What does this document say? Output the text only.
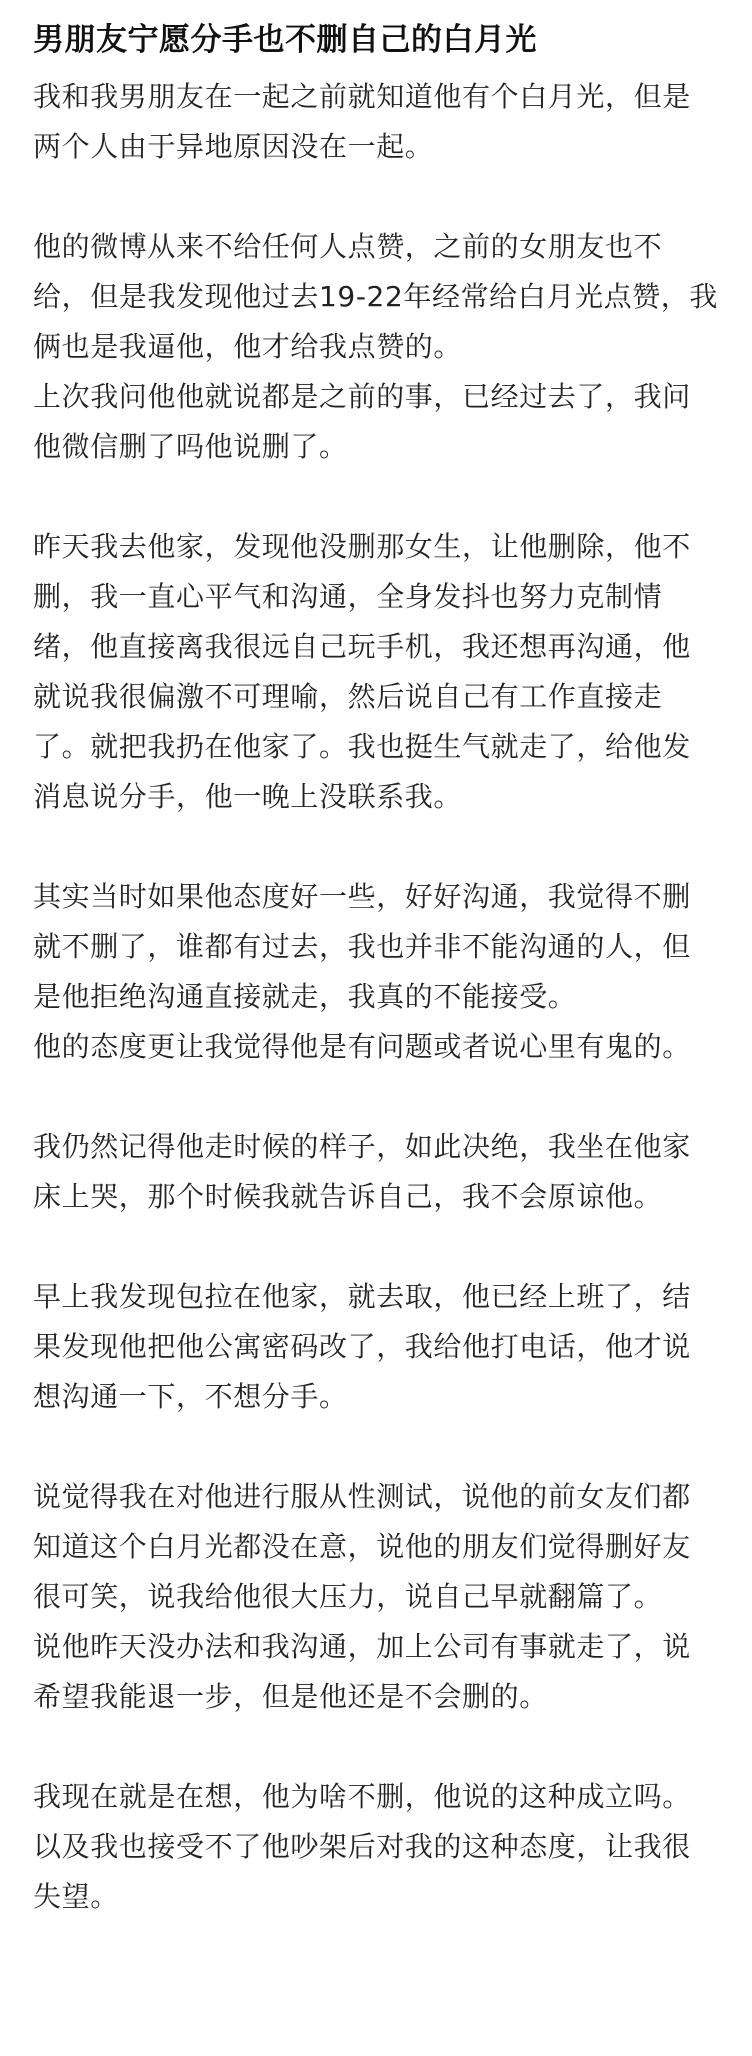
男朋友宁愿分手也不删自己的白月光

我和我男朋友在一起之前就知道他有个白月光，但是两个人由于异地原因没在一起。

他的微博从来不给任何人点赞，之前的女朋友也不给，但是我发现他过去19-22年经常给白月光点赞，我俩也是我逼他，他才给我点赞的。

上次我问他他就说都是之前的事，已经过去了，我问他微信删了吗他说删了。

昨天我去他家，发现他没删那女生，让他删除，他不删，我一直心平气和沟通，全身发抖也努力克制情绪，他直接离我很远自己玩手机，我还想再沟通，他就说我很偏激不可理喻，然后说自己有工作直接走了。就把我扔在他家了。我也挺生气就走了，给他发消息说分手，他一晚上没联系我。

其实当时如果他态度好一些，好好沟通，我觉得不删就不删了，谁都有过去，我也并非不能沟通的人，但是他拒绝沟通直接就走，我真的不能接受。

他的态度更让我觉得他是有问题或者说心里有鬼的。

我仍然记得他走时候的样子，如此决绝，我坐在他家床上哭，那个时候我就告诉自己，我不会原谅他。

早上我发现包拉在他家，就去取，他已经上班了，结果发现他把他公寓密码改了，我给他打电话，他才说想沟通一下，不想分手。

说觉得我在对他进行服从性测试，说他的前女友们都知道这个白月光都没在意，说他的朋友们觉得删好友很可笑，说我给他很大压力，说自己早就翻篇了。

说他昨天没办法和我沟通，加上公司有事就走了，说希望我能退一步，但是他还是不会删的。

我现在就是在想，他为啥不删，他说的这种成立吗。以及我也接受不了他吵架后对我的这种态度，让我很失望。
